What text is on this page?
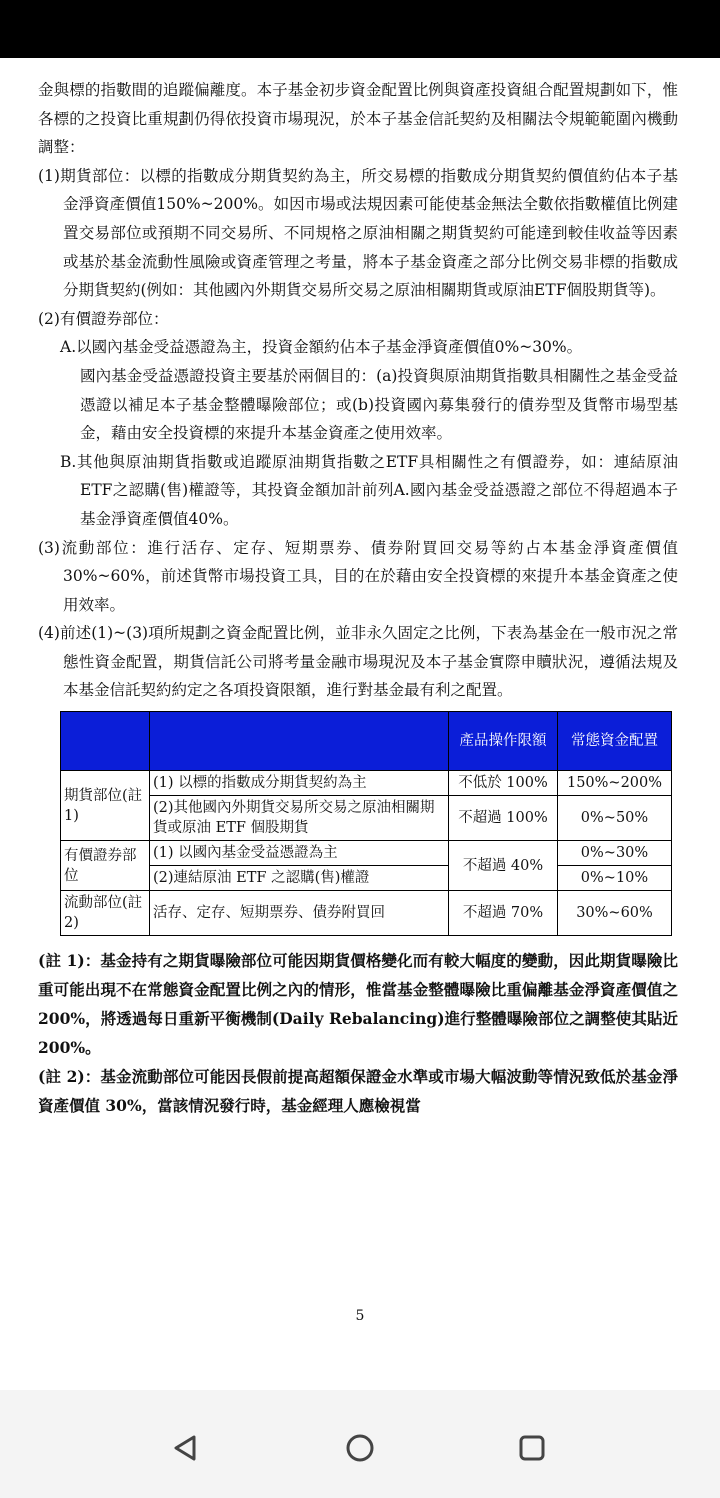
金與標的指數間的追蹤偏離度。本子基金初步資金配置比例與資產投資組合配置規劃如下，惟各標的之投資比重規劃仍得依投資市場現況，於本子基金信託契約及相關法令規範範圍內機動調整：

(1)期貨部位：以標的指數成分期貨契約為主，所交易標的指數成分期貨契約價值約佔本子基金淨資產價值150%~200%。如因市場或法規因素可能使基金無法全數依指數權值比例建置交易部位或預期不同交易所、不同規格之原油相關之期貨契約可能達到較佳收益等因素或基於基金流動性風險或資產管理之考量，將本子基金資產之部分比例交易非標的指數成分期貨契約(例如：其他國內外期貨交易所交易之原油相關期貨或原油ETF個股期貨等)。

(2)有價證券部位：

A.以國內基金受益憑證為主，投資金額約佔本子基金淨資產價值0%~30%。

國內基金受益憑證投資主要基於兩個目的：(a)投資與原油期貨指數具相關性之基金受益憑證以補足本子基金整體曝險部位；或(b)投資國內募集發行的債券型及貨幣市場型基金，藉由安全投資標的來提升本基金資產之使用效率。

B.其他與原油期貨指數或追蹤原油期貨指數之ETF具相關性之有價證券，如：連結原油ETF之認購(售)權證等，其投資金額加計前列A.國內基金受益憑證之部位不得超過本子基金淨資產價值40%。

(3)流動部位：進行活存、定存、短期票券、債券附買回交易等約占本基金淨資產價值30%~60%，前述貨幣市場投資工具，目的在於藉由安全投資標的來提升本基金資產之使用效率。

(4)前述(1)~(3)項所規劃之資金配置比例，並非永久固定之比例，下表為基金在一般市況之常態性資金配置，期貨信託公司將考量金融市場現況及本子基金實際申贖狀況，遵循法規及本基金信託契約約定之各項投資限額，進行對基金最有利之配置。

		產品操作限額	常態資金配置
期貨部位(註 1)	(1) 以標的指數成分期貨契約為主	不低於 100%	150%~200%
	(2)其他國內外期貨交易所交易之原油相關期貨或原油 ETF 個股期貨	不超過 100%	0%~50%
有價證券部位	(1) 以國內基金受益憑證為主	不超過 40%	0%~30%
	(2)連結原油 ETF 之認購(售)權證		0%~10%
流動部位(註 2)	活存、定存、短期票券、債券附買回	不超過 70%	30%~60%

(註 1)：基金持有之期貨曝險部位可能因期貨價格變化而有較大幅度的變動，因此期貨曝險比重可能出現不在常態資金配置比例之內的情形，惟當基金整體曝險比重偏離基金淨資產價值之 200%，將透過每日重新平衡機制(Daily Rebalancing)進行整體曝險部位之調整使其貼近 200%。

(註 2)：基金流動部位可能因長假前提高超額保證金水準或市場大幅波動等情況致低於基金淨資產價值 30%，當該情況發行時，基金經理人應檢視當

5
